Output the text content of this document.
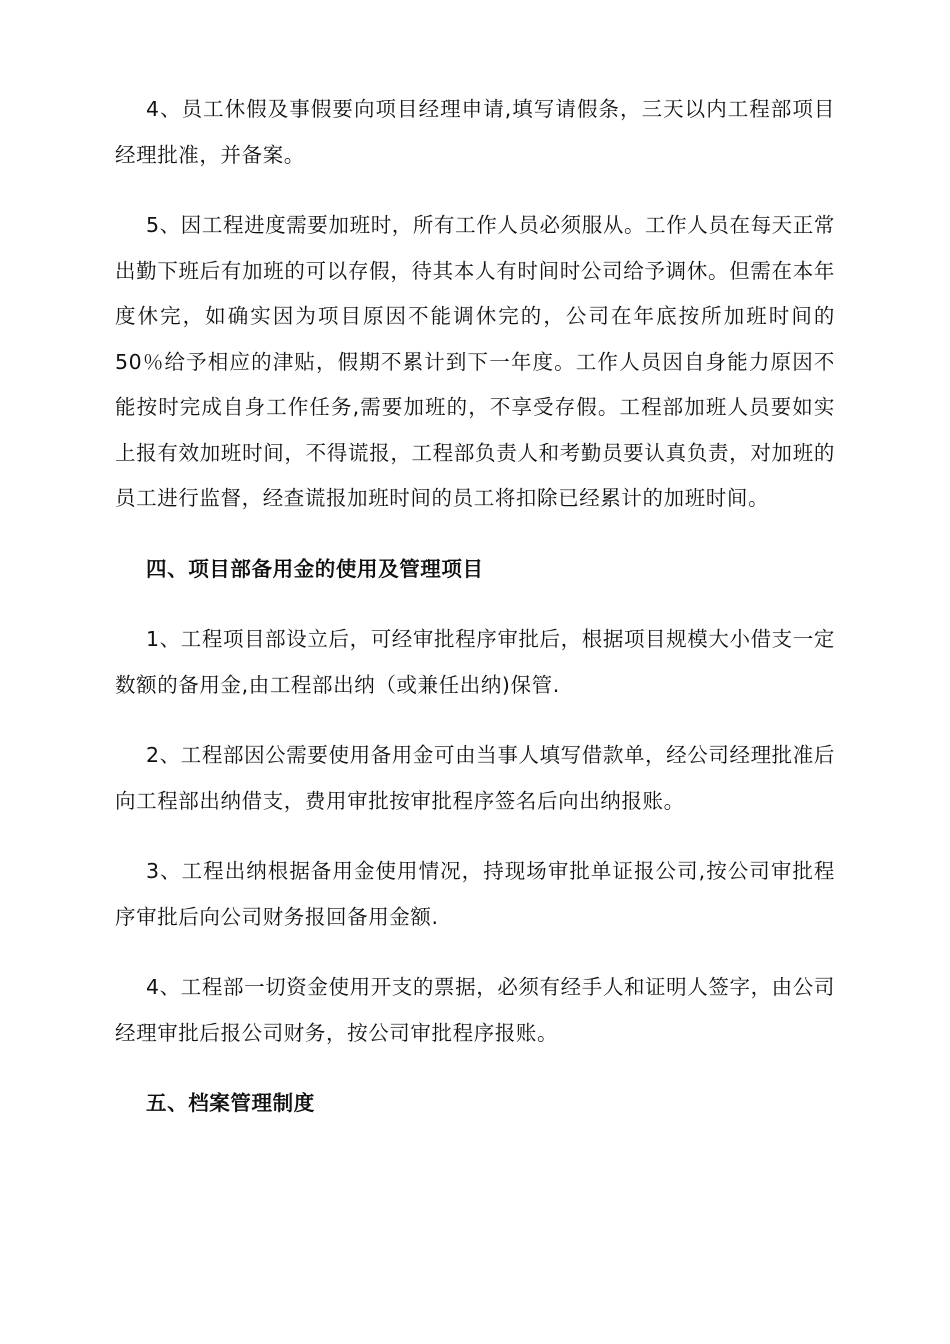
4、员工休假及事假要向项目经理申请,填写请假条，三天以内工程部项目经理批准，并备案。

5、因工程进度需要加班时，所有工作人员必须服从。工作人员在每天正常出勤下班后有加班的可以存假，待其本人有时间时公司给予调休。但需在本年度休完，如确实因为项目原因不能调休完的，公司在年底按所加班时间的50％给予相应的津贴，假期不累计到下一年度。工作人员因自身能力原因不能按时完成自身工作任务,需要加班的，不享受存假。工程部加班人员要如实上报有效加班时间，不得谎报，工程部负责人和考勤员要认真负责，对加班的员工进行监督，经查谎报加班时间的员工将扣除已经累计的加班时间。

四、项目部备用金的使用及管理项目

1、工程项目部设立后，可经审批程序审批后，根据项目规模大小借支一定数额的备用金,由工程部出纳（或兼任出纳)保管.

2、工程部因公需要使用备用金可由当事人填写借款单，经公司经理批准后向工程部出纳借支，费用审批按审批程序签名后向出纳报账。

3、工程出纳根据备用金使用情况，持现场审批单证报公司,按公司审批程序审批后向公司财务报回备用金额.

4、工程部一切资金使用开支的票据，必须有经手人和证明人签字，由公司经理审批后报公司财务，按公司审批程序报账。

五、档案管理制度
